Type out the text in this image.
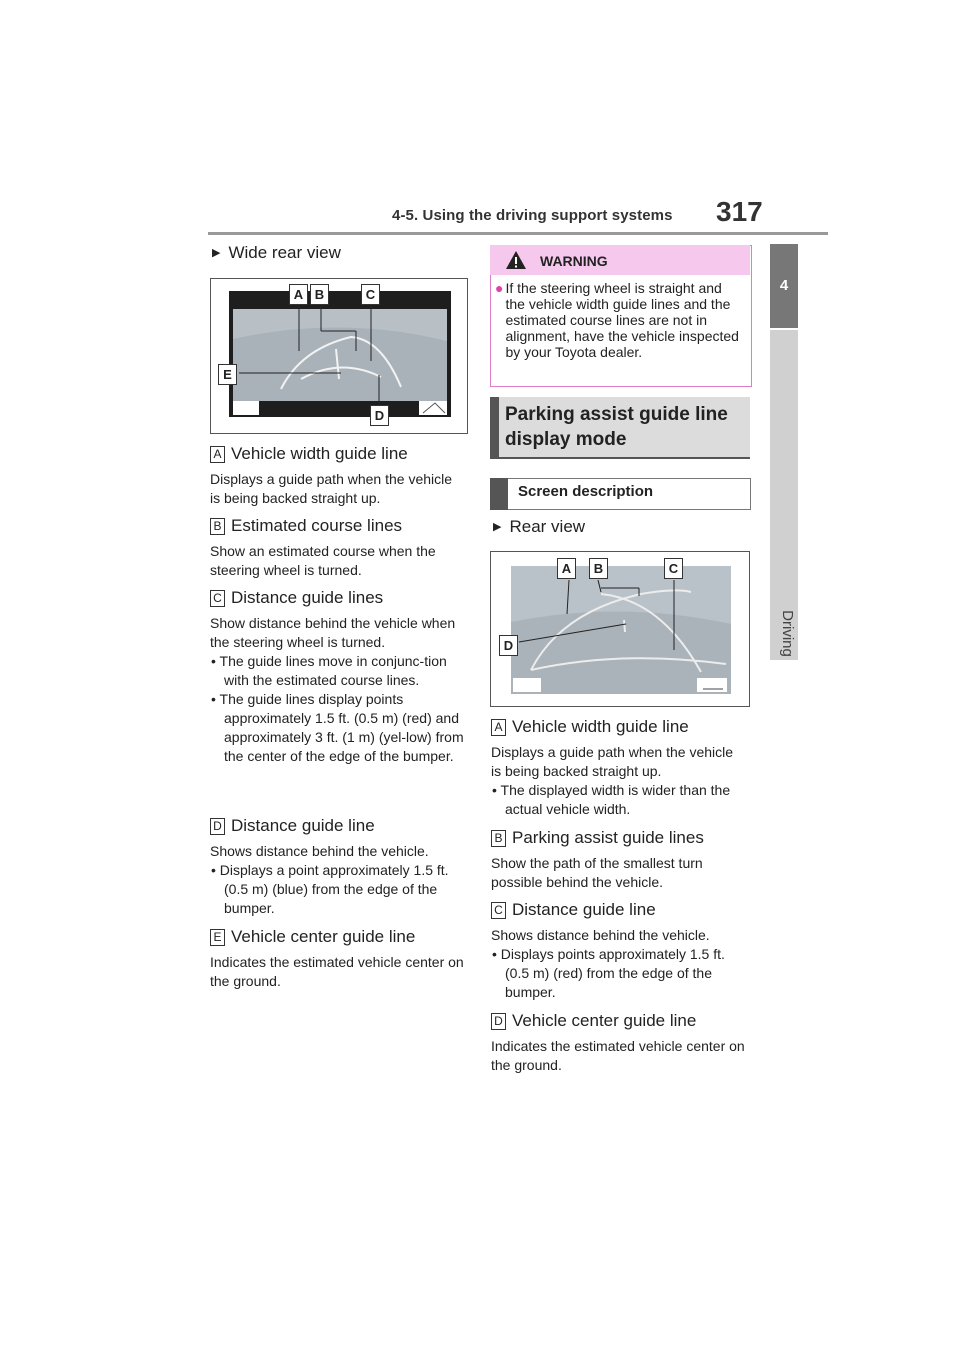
4-5. Using the driving support systems 317
4
Driving
▶ Wide rear view
A B	C
D
E
A Vehicle width guide line
Displays a guide path when the vehicle is being backed straight up.
B Estimated course lines
Show an estimated course when the steering wheel is turned.
C Distance guide lines
Show distance behind the vehicle when the steering wheel is turned.
• The guide lines move in conjunc-tion with the estimated course lines.
• The guide lines display points approximately 1.5 ft. (0.5 m) (red) and approximately 3 ft. (1 m) (yel-low) from the center of the edge of the bumper.
D Distance guide line
Shows distance behind the vehicle.
• Displays a point approximately 1.5 ft. (0.5 m) (blue) from the edge of the bumper.
E Vehicle center guide line
Indicates the estimated vehicle center on the ground.
WARNING
● If the steering wheel is straight and the vehicle width guide lines and the estimated course lines are not in alignment, have the vehicle inspected by your Toyota dealer.
Parking assist guide line display mode
Screen description
▶ Rear view
A	B	C
D
A Vehicle width guide line
Displays a guide path when the vehicle is being backed straight up.
• The displayed width is wider than the actual vehicle width.
B Parking assist guide lines
Show the path of the smallest turn possible behind the vehicle.
C Distance guide line
Shows distance behind the vehicle.
• Displays points approximately 1.5 ft. (0.5 m) (red) from the edge of the bumper.
D Vehicle center guide line
Indicates the estimated vehicle center on the ground.
